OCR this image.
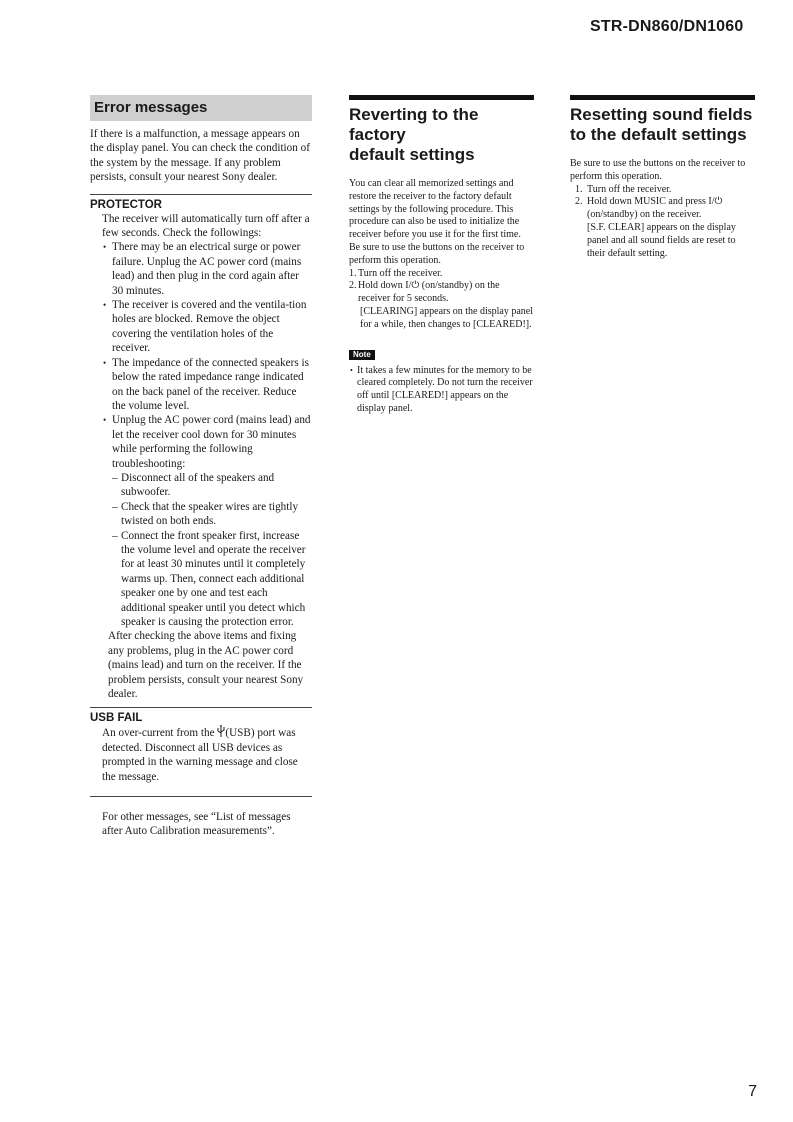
STR-DN860/DN1060
Error messages

If there is a malfunction, a message appears on the display panel. You can check the condition of the system by the message. If any problem persists, consult your nearest Sony dealer.

PROTECTOR

The receiver will automatically turn off after a few seconds. Check the followings:

• There may be an electrical surge or power failure. Unplug the AC power cord (mains lead) and then plug in the cord again after 30 minutes.

• The receiver is covered and the ventila-tion holes are blocked. Remove the object covering the ventilation holes of the receiver.

• The impedance of the connected speakers is below the rated impedance range indicated on the back panel of the receiver. Reduce the volume level.

• Unplug the AC power cord (mains lead) and let the receiver cool down for 30 minutes while performing the following troubleshooting:

– Disconnect all of the speakers and subwoofer.

– Check that the speaker wires are tightly twisted on both ends.

– Connect the front speaker first, increase the volume level and operate the receiver for at least 30 minutes until it completely warms up. Then, connect each additional speaker one by one and test each additional speaker until you detect which speaker is causing the protection error.

After checking the above items and fixing any problems, plug in the AC power cord (mains lead) and turn on the receiver. If the problem persists, consult your nearest Sony dealer.

USB FAIL

An over-current from the (USB) port was detected. Disconnect all USB devices as prompted in the warning message and close the message.

For other messages, see “List of messages after Auto Calibration measurements”.

Reverting to the factory
default settings

You can clear all memorized settings and restore the receiver to the factory default settings by the following procedure. This procedure can also be used to initialize the receiver before you use it for the first time.

Be sure to use the buttons on the receiver to perform this operation.

1. Turn off the receiver.

2. Hold down I/⏻ (on/standby) on the receiver for 5 seconds.

[CLEARING] appears on the display panel for a while, then changes to [CLEARED!].

Note

• It takes a few minutes for the memory to be cleared completely. Do not turn the receiver off until [CLEARED!] appears on the display panel.

Resetting sound fields
to the default settings

Be sure to use the buttons on the receiver to perform this operation.

1. Turn off the receiver.

2. Hold down MUSIC and press I/⏻ (on/standby) on the receiver.

[S.F. CLEAR] appears on the display panel and all sound fields are reset to their default setting.

7
